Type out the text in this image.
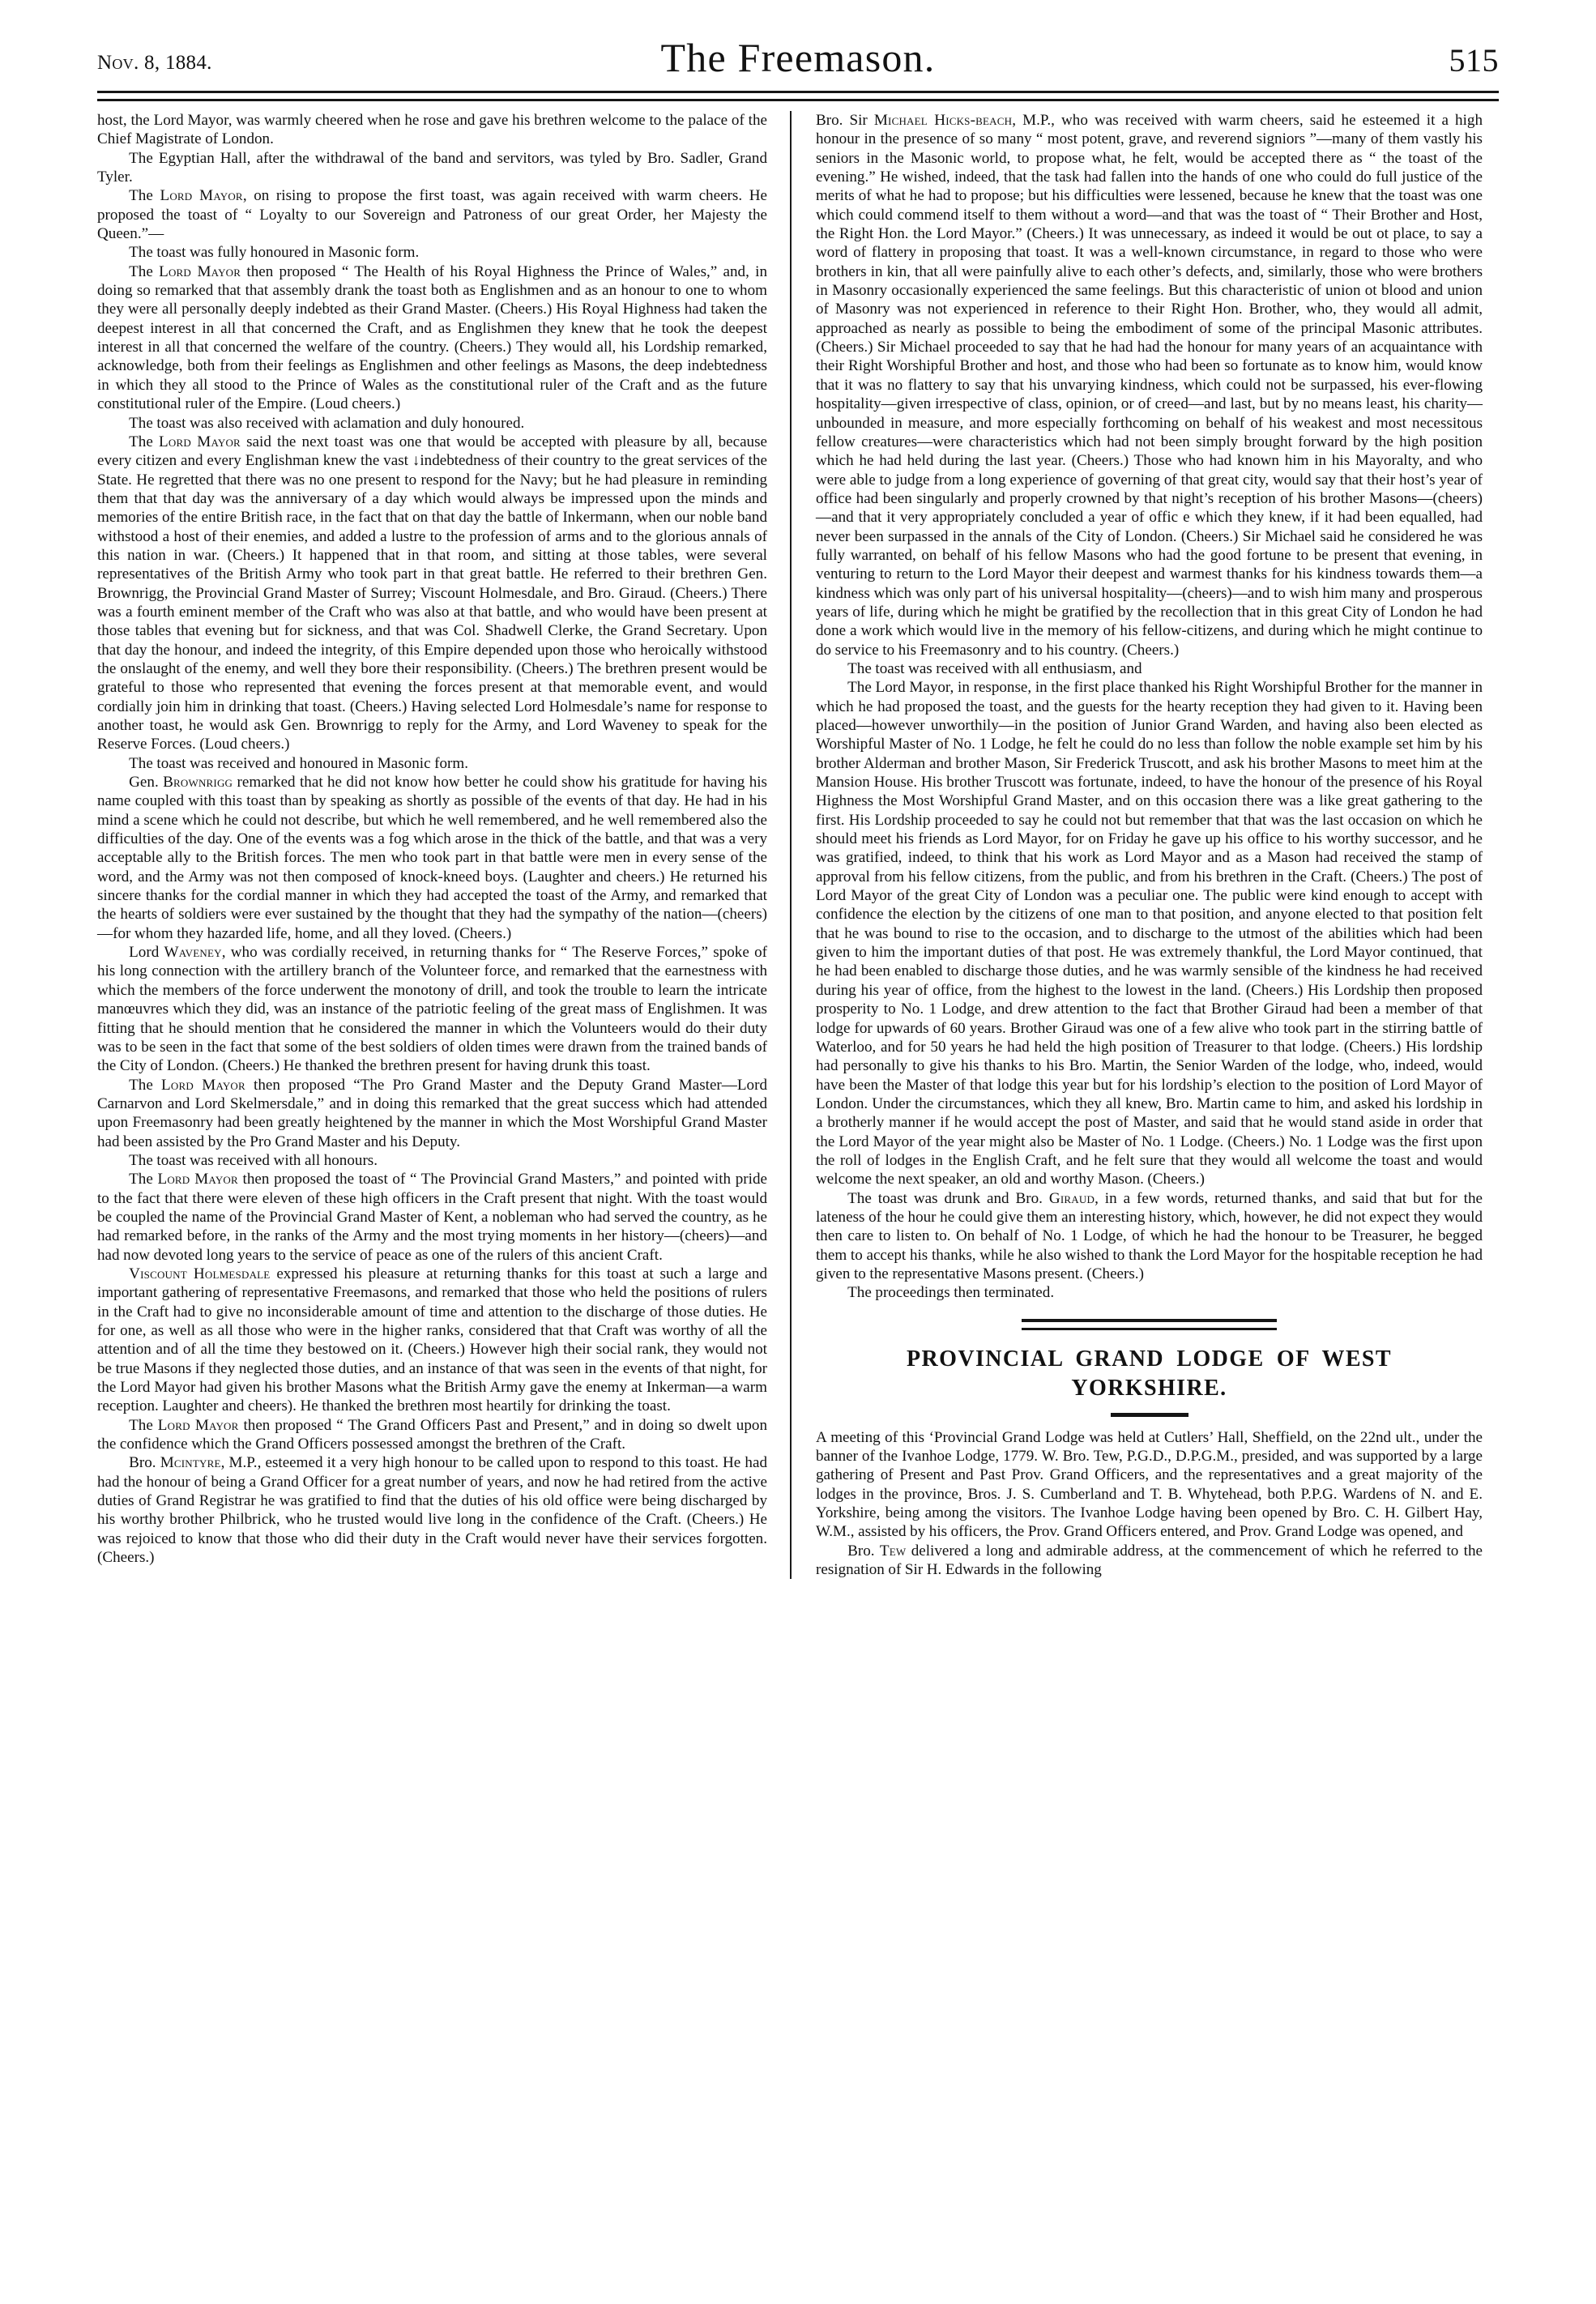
Nov. 8, 1884.	The Freemason.	515

host, the Lord Mayor, was warmly cheered when he rose and gave his brethren welcome to the palace of the Chief Magistrate of London.

The Egyptian Hall, after the withdrawal of the band and servitors, was tyled by Bro. Sadler, Grand Tyler.

The Lord Mayor, on rising to propose the first toast, was again received with warm cheers. He proposed the toast of “ Loyalty to our Sovereign and Patroness of our great Order, her Majesty the Queen.”—

The toast was fully honoured in Masonic form.

The Lord Mayor then proposed “ The Health of his Royal Highness the Prince of Wales,” and, in doing so remarked that that assembly drank the toast both as Englishmen and as an honour to one to whom they were all personally deeply indebted as their Grand Master. (Cheers.) His Royal Highness had taken the deepest interest in all that concerned the Craft, and as Englishmen they knew that he took the deepest interest in all that concerned the welfare of the country. (Cheers.) They would all, his Lordship remarked, acknowledge, both from their feelings as Englishmen and other feelings as Masons, the deep indebtedness in which they all stood to the Prince of Wales as the constitutional ruler of the Craft and as the future constitutional ruler of the Empire. (Loud cheers.)

The toast was also received with aclamation and duly honoured.

The Lord Mayor said the next toast was one that would be accepted with pleasure by all, because every citizen and every Englishman knew the vast ↓indebtedness of their country to the great services of the State. He regretted that there was no one present to respond for the Navy; but he had pleasure in reminding them that that day was the anniversary of a day which would always be impressed upon the minds and memories of the entire British race, in the fact that on that day the battle of Inkermann, when our noble band withstood a host of their enemies, and added a lustre to the profession of arms and to the glorious annals of this nation in war. (Cheers.) It happened that in that room, and sitting at those tables, were several representatives of the British Army who took part in that great battle. He referred to their brethren Gen. Brownrigg, the Provincial Grand Master of Surrey; Viscount Holmesdale, and Bro. Giraud. (Cheers.) There was a fourth eminent member of the Craft who was also at that battle, and who would have been present at those tables that evening but for sickness, and that was Col. Shadwell Clerke, the Grand Secretary. Upon that day the honour, and indeed the integrity, of this Empire depended upon those who heroically withstood the onslaught of the enemy, and well they bore their responsibility. (Cheers.) The brethren present would be grateful to those who represented that evening the forces present at that memorable event, and would cordially join him in drinking that toast. (Cheers.) Having selected Lord Holmesdale’s name for response to another toast, he would ask Gen. Brownrigg to reply for the Army, and Lord Waveney to speak for the Reserve Forces. (Loud cheers.)

The toast was received and honoured in Masonic form.

Gen. Brownrigg remarked that he did not know how better he could show his gratitude for having his name coupled with this toast than by speaking as shortly as possible of the events of that day. He had in his mind a scene which he could not describe, but which he well remembered, and he well remembered also the difficulties of the day. One of the events was a fog which arose in the thick of the battle, and that was a very acceptable ally to the British forces. The men who took part in that battle were men in every sense of the word, and the Army was not then composed of knock-kneed boys. (Laughter and cheers.) He returned his sincere thanks for the cordial manner in which they had accepted the toast of the Army, and remarked that the hearts of soldiers were ever sustained by the thought that they had the sympathy of the nation—(cheers)—for whom they hazarded life, home, and all they loved. (Cheers.)

Lord Waveney, who was cordially received, in returning thanks for “ The Reserve Forces,” spoke of his long connection with the artillery branch of the Volunteer force, and remarked that the earnestness with which the members of the force underwent the monotony of drill, and took the trouble to learn the intricate manœuvres which they did, was an instance of the patriotic feeling of the great mass of Englishmen. It was fitting that he should mention that he considered the manner in which the Volunteers would do their duty was to be seen in the fact that some of the best soldiers of olden times were drawn from the trained bands of the City of London. (Cheers.) He thanked the brethren present for having drunk this toast.

The Lord Mayor then proposed “The Pro Grand Master and the Deputy Grand Master—Lord Carnarvon and Lord Skelmersdale,” and in doing this remarked that the great success which had attended upon Freemasonry had been greatly heightened by the manner in which the Most Worshipful Grand Master had been assisted by the Pro Grand Master and his Deputy.

The toast was received with all honours.

The Lord Mayor then proposed the toast of “ The Provincial Grand Masters,” and pointed with pride to the fact that there were eleven of these high officers in the Craft present that night. With the toast would be coupled the name of the Provincial Grand Master of Kent, a nobleman who had served the country, as he had remarked before, in the ranks of the Army and the most trying moments in her history—(cheers)—and had now devoted long years to the service of peace as one of the rulers of this ancient Craft.

Viscount Holmesdale expressed his pleasure at returning thanks for this toast at such a large and important gathering of representative Freemasons, and remarked that those who held the positions of rulers in the Craft had to give no inconsiderable amount of time and attention to the discharge of those duties. He for one, as well as all those who were in the higher ranks, considered that that Craft was worthy of all the attention and of all the time they bestowed on it. (Cheers.) However high their social rank, they would not be true Masons if they neglected those duties, and an instance of that was seen in the events of that night, for the Lord Mayor had given his brother Masons what the British Army gave the enemy at Inkerman—a warm reception. Laughter and cheers). He thanked the brethren most heartily for drinking the toast.

The Lord Mayor then proposed “ The Grand Officers Past and Present,” and in doing so dwelt upon the confidence which the Grand Officers possessed amongst the brethren of the Craft.

Bro. Mcintyre, M.P., esteemed it a very high honour to be called upon to respond to this toast. He had had the honour of being a Grand Officer for a great number of years, and now he had retired from the active duties of Grand Registrar he was gratified to find that the duties of his old office were being discharged by his worthy brother Philbrick, who he trusted would live long in the confidence of the Craft. (Cheers.) He was rejoiced to know that those who did their duty in the Craft would never have their services forgotten. (Cheers.)

Bro. Sir Michael Hicks-beach, M.P., who was received with warm cheers, said he esteemed it a high honour in the presence of so many “ most potent, grave, and reverend signiors ”—many of them vastly his seniors in the Masonic world, to propose what, he felt, would be accepted there as “ the toast of the evening.” He wished, indeed, that the task had fallen into the hands of one who could do full justice of the merits of what he had to propose; but his difficulties were lessened, because he knew that the toast was one which could commend itself to them without a word—and that was the toast of “ Their Brother and Host, the Right Hon. the Lord Mayor.” (Cheers.) It was unnecessary, as indeed it would be out ot place, to say a word of flattery in proposing that toast. It was a well-known circumstance, in regard to those who were brothers in kin, that all were painfully alive to each other’s defects, and, similarly, those who were brothers in Masonry occasionally experienced the same feelings. But this characteristic of union ot blood and union of Masonry was not experienced in reference to their Right Hon. Brother, who, they would all admit, approached as nearly as possible to being the embodiment of some of the principal Masonic attributes. (Cheers.) Sir Michael proceeded to say that he had had the honour for many years of an acquaintance with their Right Worshipful Brother and host, and those who had been so fortunate as to know him, would know that it was no flattery to say that his unvarying kindness, which could not be surpassed, his ever-flowing hospitality—given irrespective of class, opinion, or of creed—and last, but by no means least, his charity—unbounded in measure, and more especially forthcoming on behalf of his weakest and most necessitous fellow creatures—were characteristics which had not been simply brought forward by the high position which he had held during the last year. (Cheers.) Those who had known him in his Mayoralty, and who were able to judge from a long experience of governing of that great city, would say that their host’s year of office had been singularly and properly crowned by that night’s reception of his brother Masons—(cheers)—and that it very appropriately concluded a year of offic e which they knew, if it had been equalled, had never been surpassed in the annals of the City of London. (Cheers.) Sir Michael said he considered he was fully warranted, on behalf of his fellow Masons who had the good fortune to be present that evening, in venturing to return to the Lord Mayor their deepest and warmest thanks for his kindness towards them—a kindness which was only part of his universal hospitality—(cheers)—and to wish him many and prosperous years of life, during which he might be gratified by the recollection that in this great City of London he had done a work which would live in the memory of his fellow-citizens, and during which he might continue to do service to his Freemasonry and to his country. (Cheers.)

The toast was received with all enthusiasm, and

The Lord Mayor, in response, in the first place thanked his Right Worshipful Brother for the manner in which he had proposed the toast, and the guests for the hearty reception they had given to it. Having been placed—however unworthily—in the position of Junior Grand Warden, and having also been elected as Worshipful Master of No. 1 Lodge, he felt he could do no less than follow the noble example set him by his brother Alderman and brother Mason, Sir Frederick Truscott, and ask his brother Masons to meet him at the Mansion House. His brother Truscott was fortunate, indeed, to have the honour of the presence of his Royal Highness the Most Worshipful Grand Master, and on this occasion there was a like great gathering to the first. His Lordship proceeded to say he could not but remember that that was the last occasion on which he should meet his friends as Lord Mayor, for on Friday he gave up his office to his worthy successor, and he was gratified, indeed, to think that his work as Lord Mayor and as a Mason had received the stamp of approval from his fellow citizens, from the public, and from his brethren in the Craft. (Cheers.) The post of Lord Mayor of the great City of London was a peculiar one. The public were kind enough to accept with confidence the election by the citizens of one man to that position, and anyone elected to that position felt that he was bound to rise to the occasion, and to discharge to the utmost of the abilities which had been given to him the important duties of that post. He was extremely thankful, the Lord Mayor continued, that he had been enabled to discharge those duties, and he was warmly sensible of the kindness he had received during his year of office, from the highest to the lowest in the land. (Cheers.) His Lordship then proposed prosperity to No. 1 Lodge, and drew attention to the fact that Brother Giraud had been a member of that lodge for upwards of 60 years. Brother Giraud was one of a few alive who took part in the stirring battle of Waterloo, and for 50 years he had held the high position of Treasurer to that lodge. (Cheers.) His lordship had personally to give his thanks to his Bro. Martin, the Senior Warden of the lodge, who, indeed, would have been the Master of that lodge this year but for his lordship’s election to the position of Lord Mayor of London. Under the circumstances, which they all knew, Bro. Martin came to him, and asked his lordship in a brotherly manner if he would accept the post of Master, and said that he would stand aside in order that the Lord Mayor of the year might also be Master of No. 1 Lodge. (Cheers.) No. 1 Lodge was the first upon the roll of lodges in the English Craft, and he felt sure that they would all welcome the toast and would welcome the next speaker, an old and worthy Mason. (Cheers.)

The toast was drunk and Bro. Giraud, in a few words, returned thanks, and said that but for the lateness of the hour he could give them an interesting history, which, however, he did not expect they would then care to listen to. On behalf of No. 1 Lodge, of which he had the honour to be Treasurer, he begged them to accept his thanks, while he also wished to thank the Lord Mayor for the hospitable reception he had given to the representative Masons present. (Cheers.)

The proceedings then terminated.

PROVINCIAL GRAND LODGE OF WEST
YORKSHIRE.

A meeting of this ‘Provincial Grand Lodge was held at Cutlers’ Hall, Sheffield, on the 22nd ult., under the banner of the Ivanhoe Lodge, 1779. W. Bro. Tew, P.G.D., D.P.G.M., presided, and was supported by a large gathering of Present and Past Prov. Grand Officers, and the representatives and a great majority of the lodges in the province, Bros. J. S. Cumberland and T. B. Whytehead, both P.P.G. Wardens of N. and E. Yorkshire, being among the visitors. The Ivanhoe Lodge having been opened by Bro. C. H. Gilbert Hay, W.M., assisted by his officers, the Prov. Grand Officers entered, and Prov. Grand Lodge was opened, and

Bro. Tew delivered a long and admirable address, at the commencement of which he referred to the resignation of Sir H. Edwards in the following
